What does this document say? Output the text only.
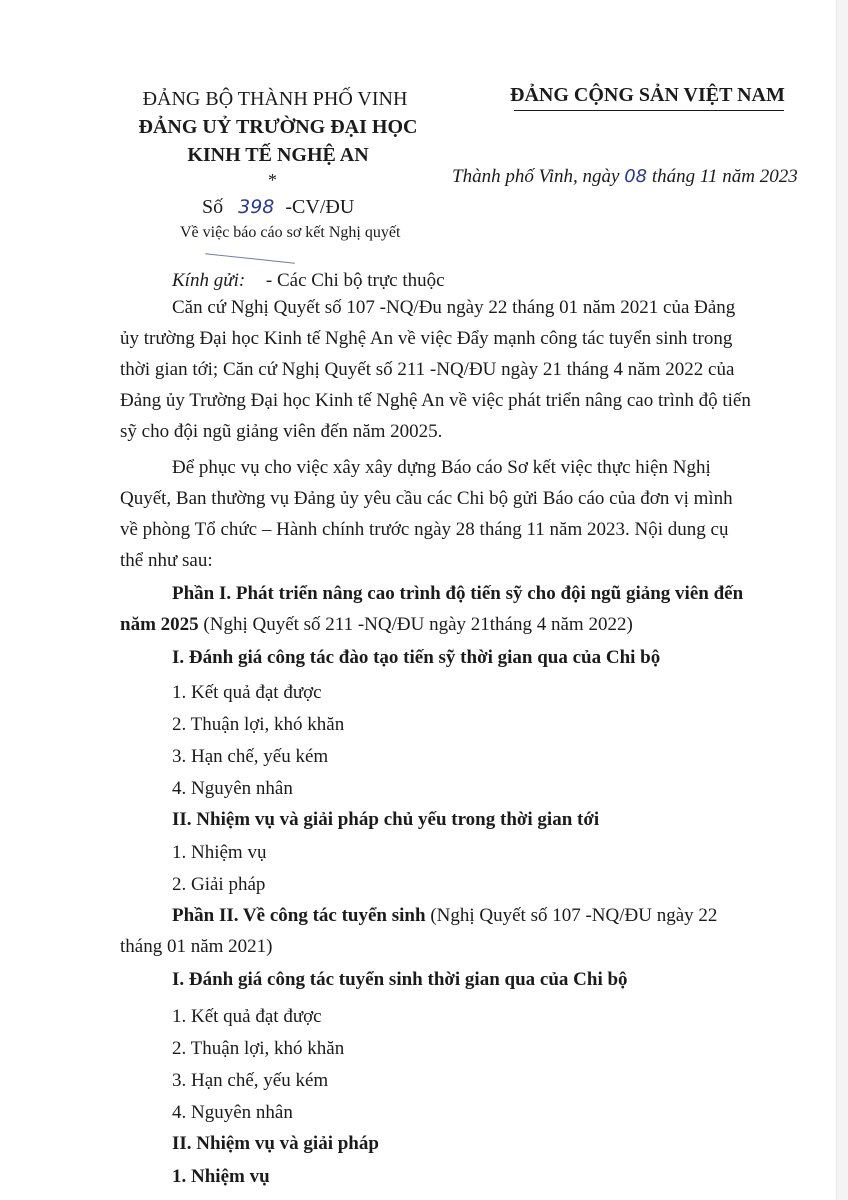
ĐẢNG BỘ THÀNH PHỐ VINH
ĐẢNG UỶ TRƯỜNG ĐẠI HỌC
KINH TẾ NGHỆ AN
*
ĐẢNG CỘNG SẢN VIỆT NAM
Thành phố Vinh, ngày 08 tháng 11 năm 2023
Số 398 -CV/ĐU
Về việc báo cáo sơ kết Nghị quyết
Kính gửi: - Các Chi bộ trực thuộc
Căn cứ Nghị Quyết số 107 -NQ/Đu ngày 22 tháng 01 năm 2021 của Đảng
ủy trường Đại học Kinh tế Nghệ An về việc Đẩy mạnh công tác tuyển sinh trong
thời gian tới; Căn cứ Nghị Quyết số 211 -NQ/ĐU ngày 21 tháng 4 năm 2022 của
Đảng ủy Trường Đại học Kinh tế Nghệ An về việc phát triển nâng cao trình độ tiến
sỹ cho đội ngũ giảng viên đến năm 20025.
Để phục vụ cho việc xây xây dựng Báo cáo Sơ kết việc thực hiện Nghị
Quyết, Ban thường vụ Đảng ủy yêu cầu các Chi bộ gửi Báo cáo của đơn vị mình
về phòng Tổ chức – Hành chính trước ngày 28 tháng 11 năm 2023. Nội dung cụ
thể như sau:
Phần I. Phát triển nâng cao trình độ tiến sỹ cho đội ngũ giảng viên đến
năm 2025 (Nghị Quyết số 211 -NQ/ĐU ngày 21tháng 4 năm 2022)
I. Đánh giá công tác đào tạo tiến sỹ thời gian qua của Chi bộ
1. Kết quả đạt được
2. Thuận lợi, khó khăn
3. Hạn chế, yếu kém
4. Nguyên nhân
II. Nhiệm vụ và giải pháp chủ yếu trong thời gian tới
1. Nhiệm vụ
2. Giải pháp
Phần II. Về công tác tuyển sinh (Nghị Quyết số 107 -NQ/ĐU ngày 22
tháng 01 năm 2021)
I. Đánh giá công tác tuyển sinh thời gian qua của Chi bộ
1. Kết quả đạt được
2. Thuận lợi, khó khăn
3. Hạn chế, yếu kém
4. Nguyên nhân
II. Nhiệm vụ và giải pháp
1. Nhiệm vụ
